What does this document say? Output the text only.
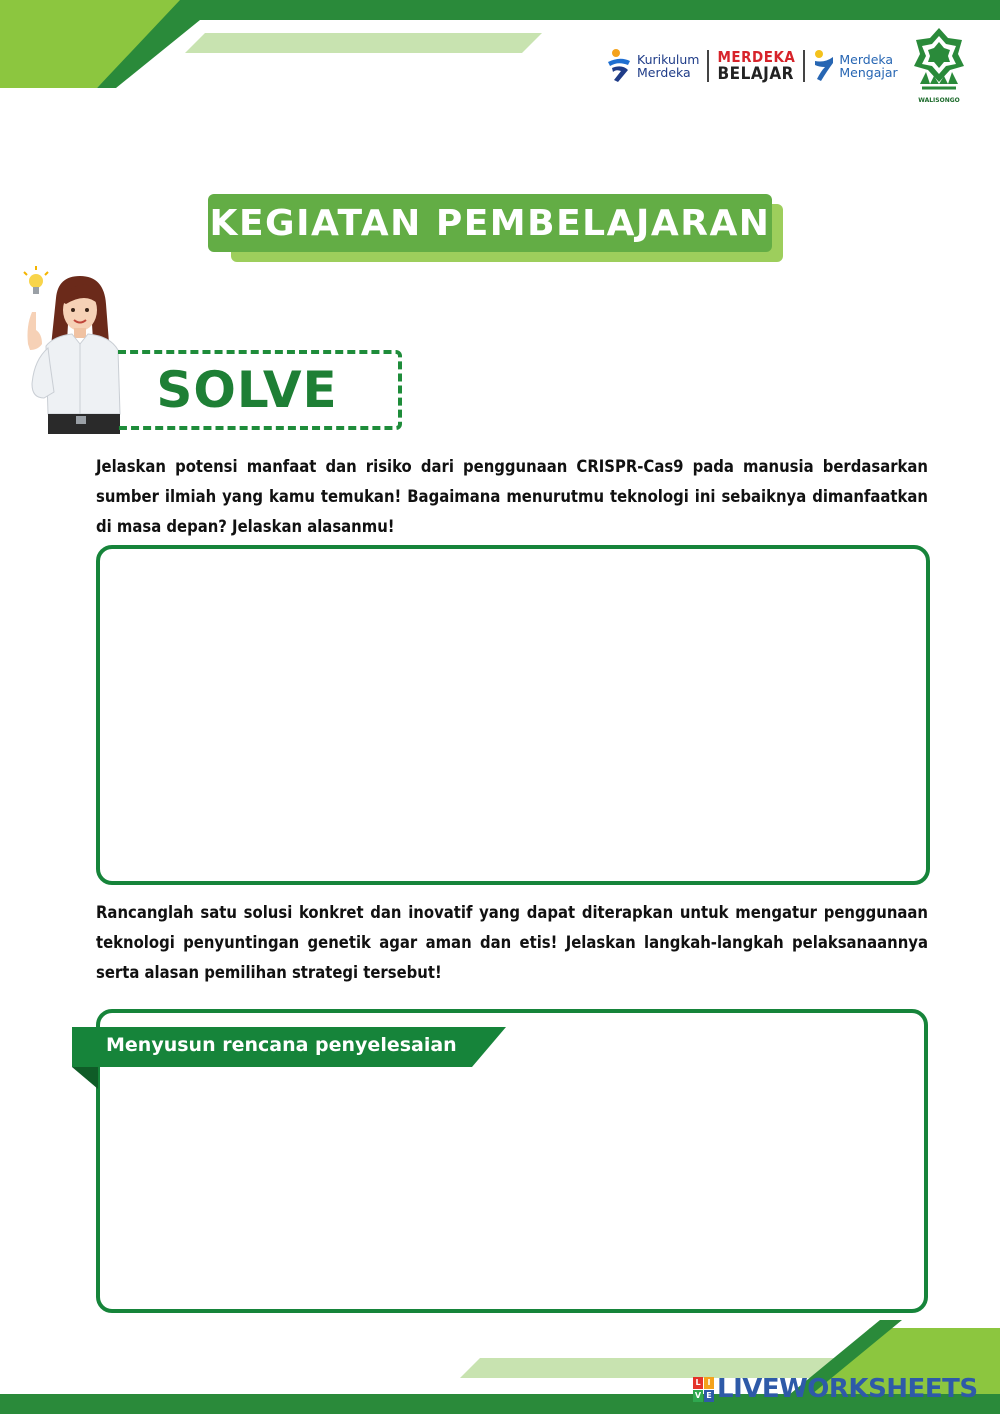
Kurikulum
Merdeka
MERDEKA
BELAJAR
Merdeka
Mengajar
WALISONGO
KEGIATAN PEMBELAJARAN
SOLVE

Jelaskan potensi manfaat dan risiko dari penggunaan CRISPR-Cas9 pada manusia berdasarkan sumber ilmiah yang kamu temukan! Bagaimana menurutmu teknologi ini sebaiknya dimanfaatkan di masa depan? Jelaskan alasanmu!

Rancanglah satu solusi konkret dan inovatif yang dapat diterapkan untuk mengatur penggunaan teknologi penyuntingan genetik agar aman dan etis! Jelaskan langkah-langkah pelaksanaannya serta alasan pemilihan strategi tersebut!

Menyusun rencana penyelesaian
L I
V E LIVEWORKSHEETS
